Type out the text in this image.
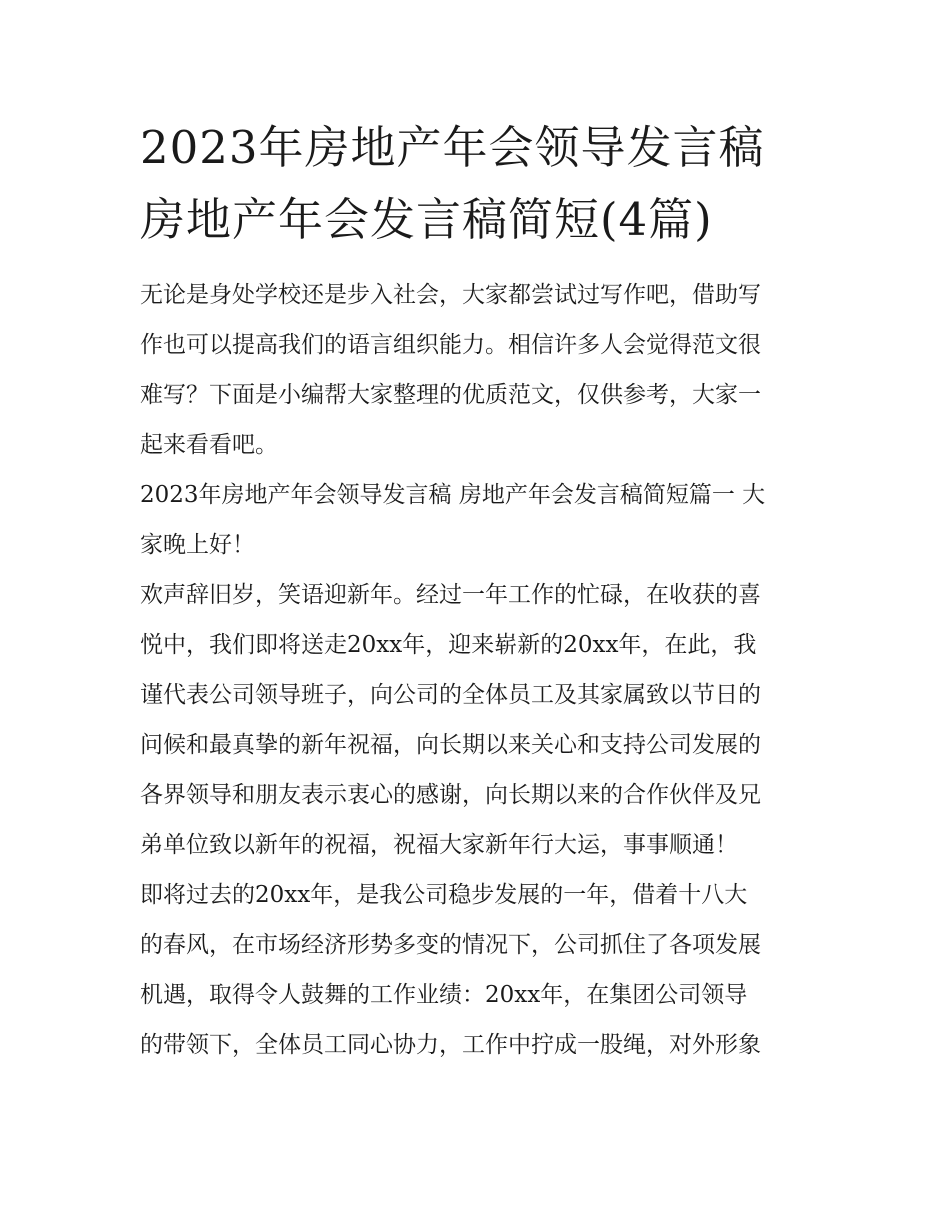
2023年房地产年会领导发言稿
房地产年会发言稿简短(4篇)

无论是身处学校还是步入社会，大家都尝试过写作吧，借助写
作也可以提高我们的语言组织能力。相信许多人会觉得范文很
难写？下面是小编帮大家整理的优质范文，仅供参考，大家一
起来看看吧。

2023年房地产年会领导发言稿 房地产年会发言稿简短篇一 大
家晚上好！

欢声辞旧岁，笑语迎新年。经过一年工作的忙碌，在收获的喜
悦中，我们即将送走20xx年，迎来崭新的20xx年，在此，我
谨代表公司领导班子，向公司的全体员工及其家属致以节日的
问候和最真挚的新年祝福，向长期以来关心和支持公司发展的
各界领导和朋友表示衷心的感谢，向长期以来的合作伙伴及兄
弟单位致以新年的祝福，祝福大家新年行大运，事事顺通！

即将过去的20xx年，是我公司稳步发展的一年，借着十八大
的春风，在市场经济形势多变的情况下，公司抓住了各项发展
机遇，取得令人鼓舞的工作业绩：20xx年，在集团公司领导
的带领下，全体员工同心协力，工作中拧成一股绳，对外形象
